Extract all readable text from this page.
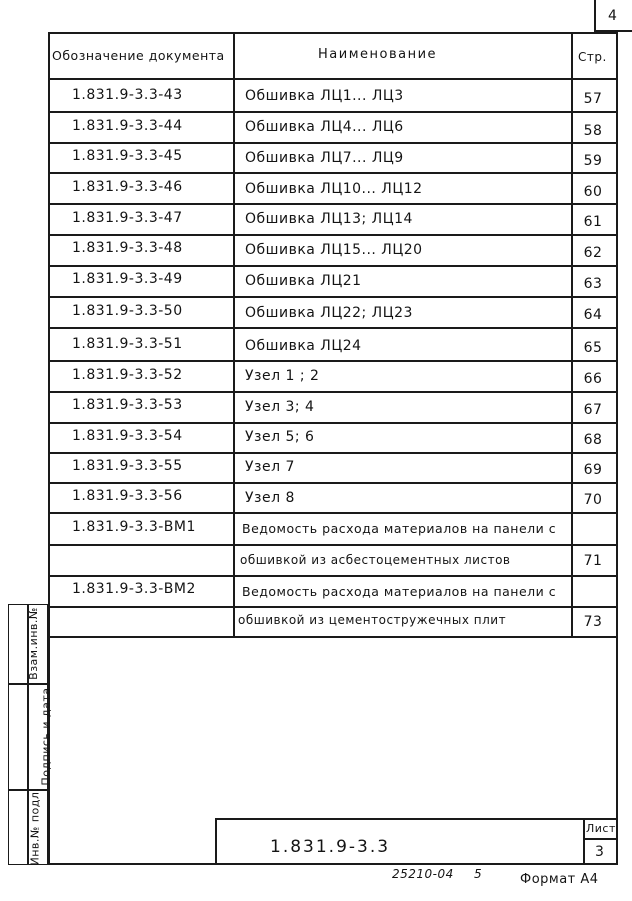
4
Обозначение документа	Наименование	Стр.
1.831.9-3.3-43	Обшивка ЛЦ1... ЛЦ3	57
1.831.9-3.3-44	Обшивка ЛЦ4... ЛЦ6	58
1.831.9-3.3-45	Обшивка ЛЦ7... ЛЦ9	59
1.831.9-3.3-46	Обшивка ЛЦ10... ЛЦ12	60
1.831.9-3.3-47	Обшивка ЛЦ13; ЛЦ14	61
1.831.9-3.3-48	Обшивка ЛЦ15... ЛЦ20	62
1.831.9-3.3-49	Обшивка ЛЦ21	63
1.831.9-3.3-50	Обшивка ЛЦ22; ЛЦ23	64
1.831.9-3.3-51	Обшивка ЛЦ24	65
1.831.9-3.3-52	Узел 1 ; 2	66
1.831.9-3.3-53	Узел 3; 4	67
1.831.9-3.3-54	Узел 5; 6	68
1.831.9-3.3-55	Узел 7	69
1.831.9-3.3-56	Узел 8	70
1.831.9-3.3-ВМ1	Ведомость расхода материалов на панели с
обшивкой из асбестоцементных листов	71
1.831.9-3.3-ВМ2	Ведомость расхода материалов на панели с
обшивкой из цементостружечных плит	73
Инв.№ подл.
Подпись и дата
Взам.инв.№
1.831.9-3.3
Лист
3
25210-04 5	Формат А4
